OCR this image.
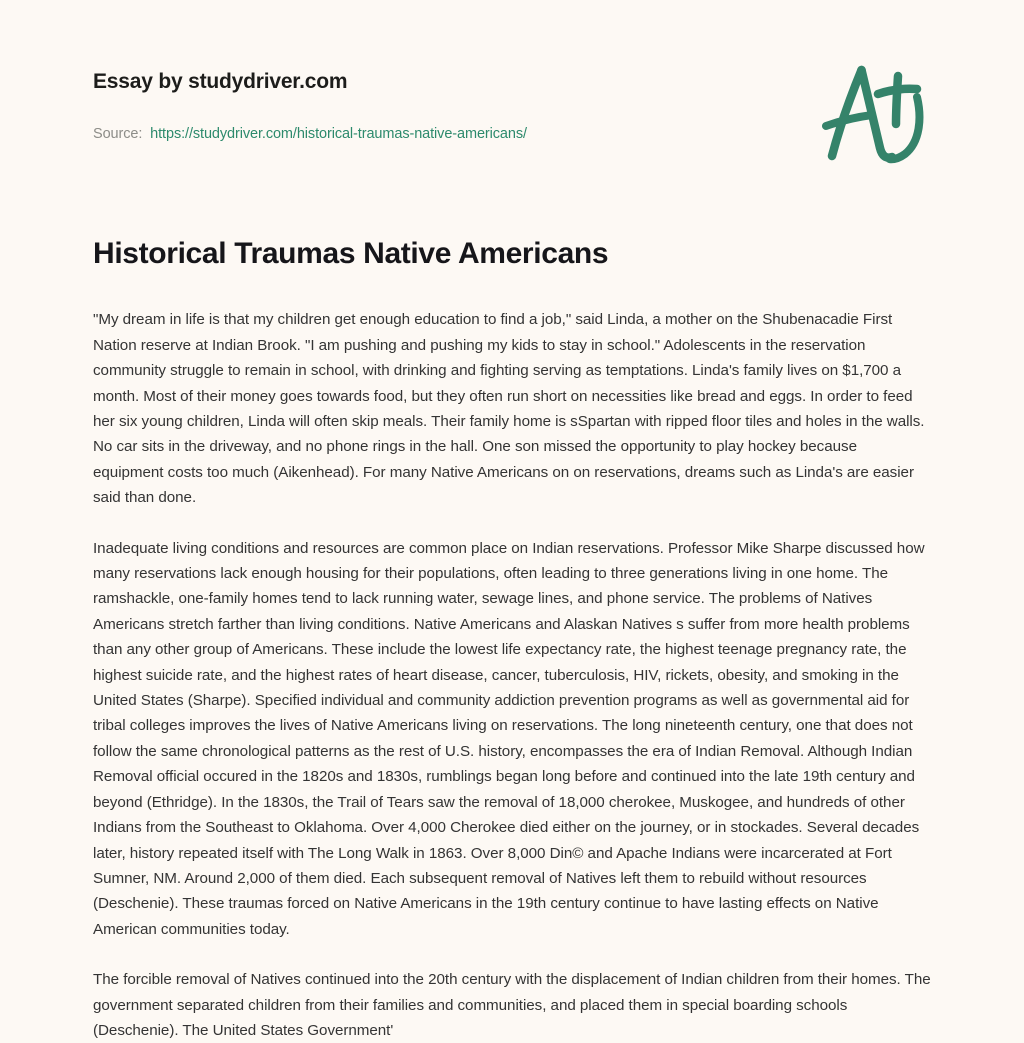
Essay by studydriver.com
Source: https://studydriver.com/historical-traumas-native-americans/
Historical Traumas Native Americans

"My dream in life is that my children get enough education to find a job," said Linda, a mother on the Shubenacadie First Nation reserve at Indian Brook. "I am pushing and pushing my kids to stay in school." Adolescents in the reservation community struggle to remain in school, with drinking and fighting serving as temptations. Linda's family lives on $1,700 a month. Most of their money goes towards food, but they often run short on necessities like bread and eggs. In order to feed her six young children, Linda will often skip meals. Their family home is sSpartan with ripped floor tiles and holes in the walls. No car sits in the driveway, and no phone rings in the hall. One son missed the opportunity to play hockey because equipment costs too much (Aikenhead). For many Native Americans on on reservations, dreams such as Linda's are easier said than done.

Inadequate living conditions and resources are common place on Indian reservations. Professor Mike Sharpe discussed how many reservations lack enough housing for their populations, often leading to three generations living in one home. The ramshackle, one-family homes tend to lack running water, sewage lines, and phone service. The problems of Natives Americans stretch farther than living conditions. Native Americans and Alaskan Natives s suffer from more health problems than any other group of Americans. These include the lowest life expectancy rate, the highest teenage pregnancy rate, the highest suicide rate, and the highest rates of heart disease, cancer, tuberculosis, HIV, rickets, obesity, and smoking in the United States (Sharpe). Specified individual and community addiction prevention programs as well as governmental aid for tribal colleges improves the lives of Native Americans living on reservations. The long nineteenth century, one that does not follow the same chronological patterns as the rest of U.S. history, encompasses the era of Indian Removal. Although Indian Removal official occured in the 1820s and 1830s, rumblings began long before and continued into the late 19th century and beyond (Ethridge). In the 1830s, the Trail of Tears saw the removal of 18,000 cherokee, Muskogee, and hundreds of other Indians from the Southeast to Oklahoma. Over 4,000 Cherokee died either on the journey, or in stockades. Several decades later, history repeated itself with The Long Walk in 1863. Over 8,000 Din© and Apache Indians were incarcerated at Fort Sumner, NM. Around 2,000 of them died. Each subsequent removal of Natives left them to rebuild without resources (Deschenie). These traumas forced on Native Americans in the 19th century continue to have lasting effects on Native American communities today.

The forcible removal of Natives continued into the 20th century with the displacement of Indian children from their homes. The government separated children from their families and communities, and placed them in special boarding schools (Deschenie). The United States Government'
